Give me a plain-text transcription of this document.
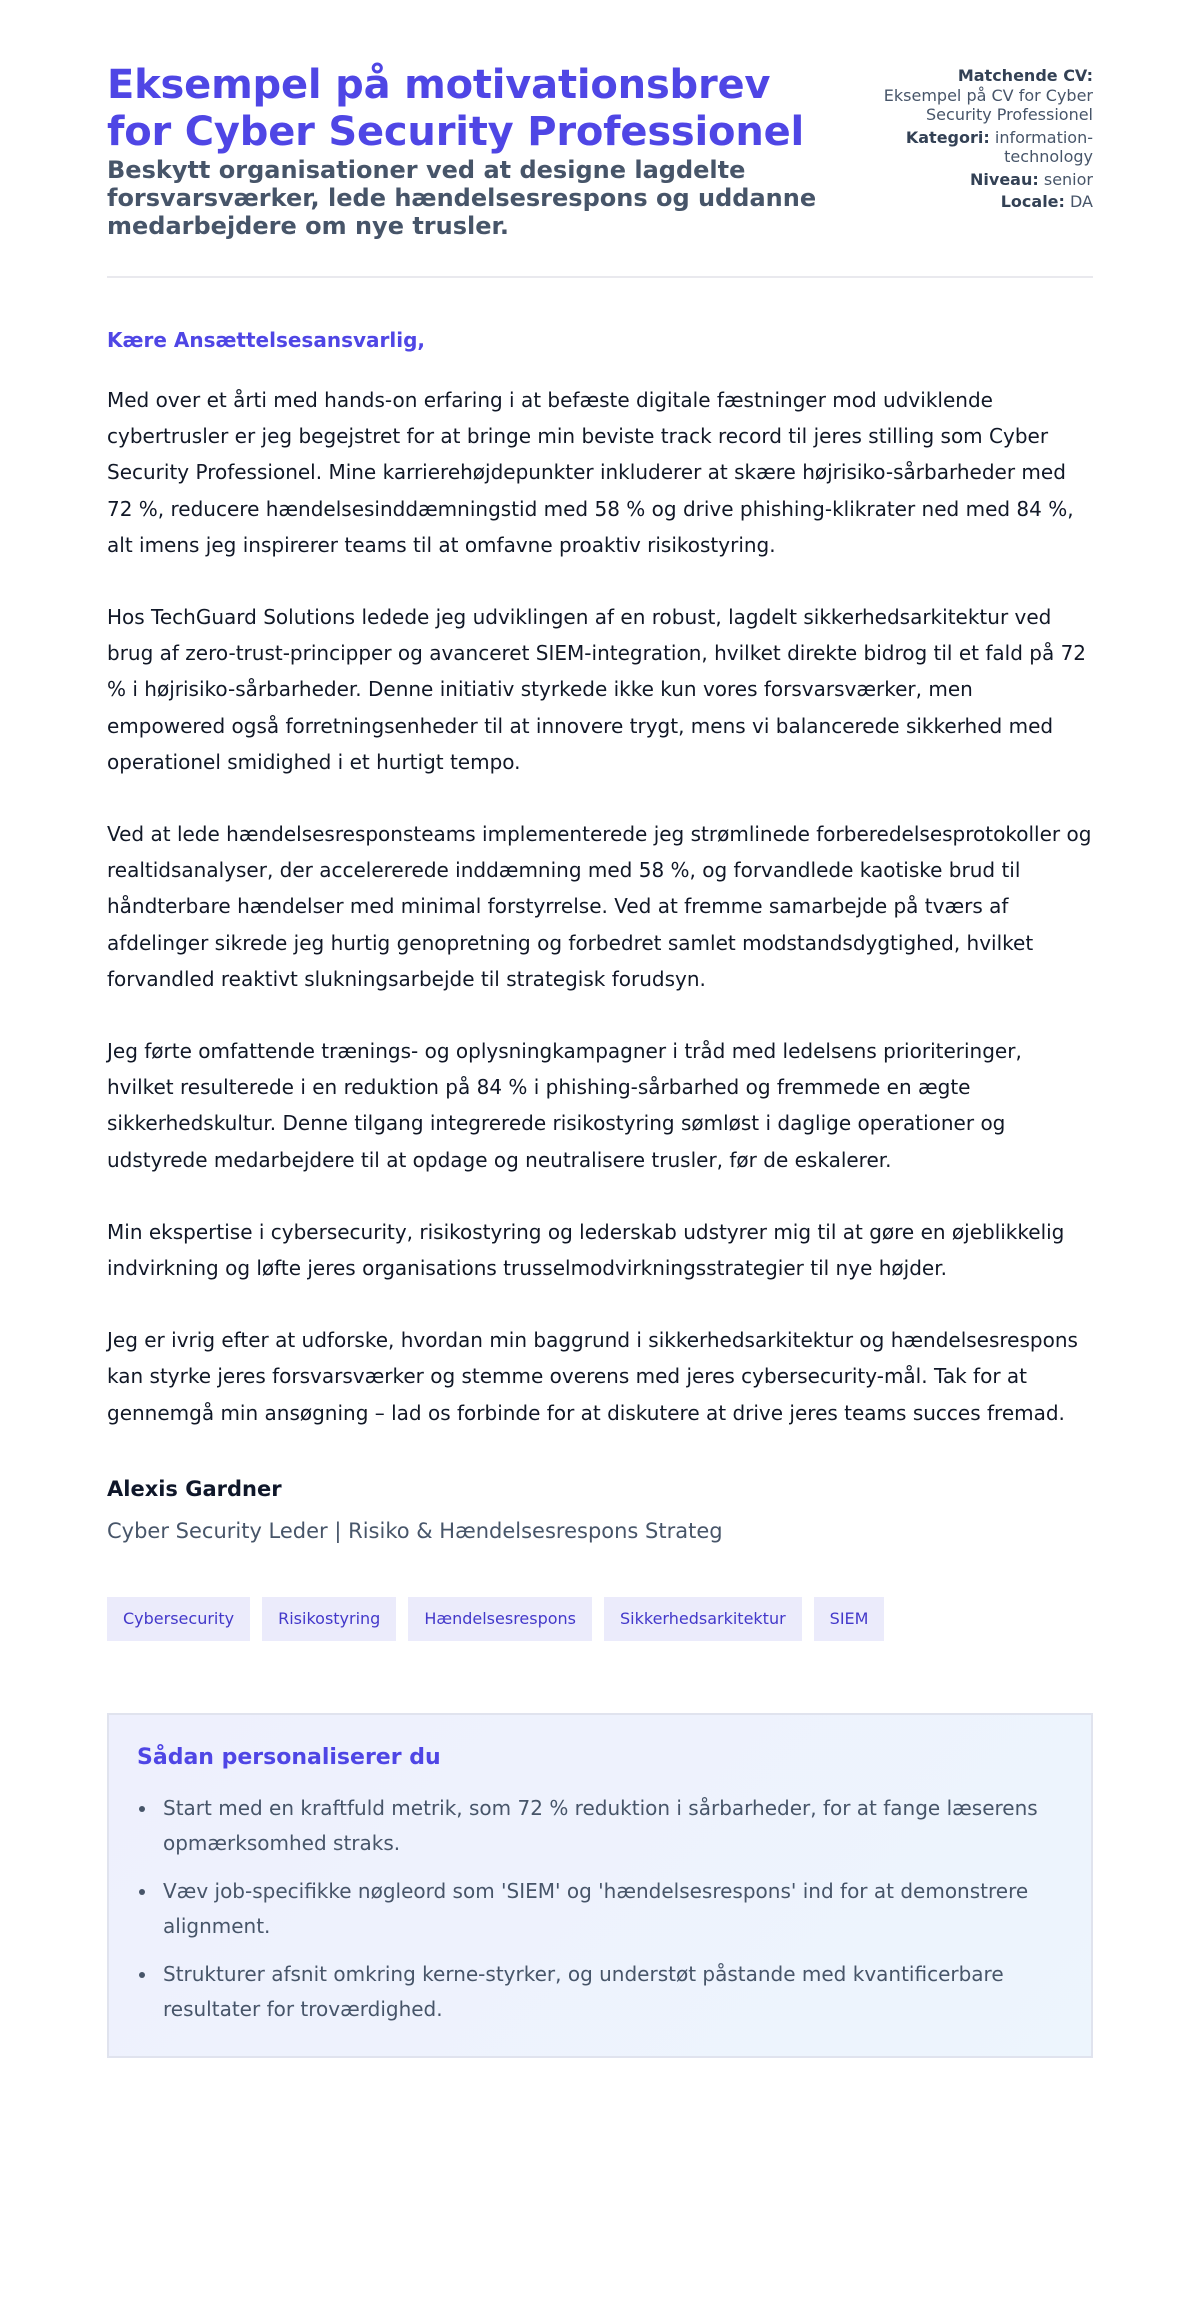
Eksempel på motivationsbrev for Cyber Security Professionel
Beskytt organisationer ved at designe lagdelte forsvarsværker, lede hændelsesrespons og uddanne medarbejdere om nye trusler.
Matchende CV:
Eksempel på CV for Cyber Security Professionel
Kategori: information-technology
Niveau: senior
Locale: DA
Kære Ansættelsesansvarlig,

Med over et årti med hands-on erfaring i at befæste digitale fæstninger mod udviklende cybertrusler er jeg begejstret for at bringe min beviste track record til jeres stilling som Cyber Security Professionel. Mine karrierehøjdepunkter inkluderer at skære højrisiko-sårbarheder med 72 %, reducere hændelsesinddæmningstid med 58 % og drive phishing-klikrater ned med 84 %, alt imens jeg inspirerer teams til at omfavne proaktiv risikostyring.

Hos TechGuard Solutions ledede jeg udviklingen af en robust, lagdelt sikkerhedsarkitektur ved brug af zero-trust-principper og avanceret SIEM-integration, hvilket direkte bidrog til et fald på 72 % i højrisiko-sårbarheder. Denne initiativ styrkede ikke kun vores forsvarsværker, men empowered også forretningsenheder til at innovere trygt, mens vi balancerede sikkerhed med operationel smidighed i et hurtigt tempo.

Ved at lede hændelsesresponsteams implementerede jeg strømlinede forberedelsesprotokoller og realtidsanalyser, der accelererede inddæmning med 58 %, og forvandlede kaotiske brud til håndterbare hændelser med minimal forstyrrelse. Ved at fremme samarbejde på tværs af afdelinger sikrede jeg hurtig genopretning og forbedret samlet modstandsdygtighed, hvilket forvandled reaktivt slukningsarbejde til strategisk forudsyn.

Jeg førte omfattende trænings- og oplysningkampagner i tråd med ledelsens prioriteringer, hvilket resulterede i en reduktion på 84 % i phishing-sårbarhed og fremmede en ægte sikkerhedskultur. Denne tilgang integrerede risikostyring sømløst i daglige operationer og udstyrede medarbejdere til at opdage og neutralisere trusler, før de eskalerer.

Min ekspertise i cybersecurity, risikostyring og lederskab udstyrer mig til at gøre en øjeblikkelig indvirkning og løfte jeres organisations trusselmodvirkningsstrategier til nye højder.

Jeg er ivrig efter at udforske, hvordan min baggrund i sikkerhedsarkitektur og hændelsesrespons kan styrke jeres forsvarsværker og stemme overens med jeres cybersecurity-mål. Tak for at gennemgå min ansøgning – lad os forbinde for at diskutere at drive jeres teams succes fremad.

Alexis Gardner
Cyber Security Leder | Risiko & Hændelsesrespons Strateg
Cybersecurity	Risikostyring	Hændelsesrespons	Sikkerhedsarkitektur	SIEM
Sådan personaliserer du
Start med en kraftfuld metrik, som 72 % reduktion i sårbarheder, for at fange læserens opmærksomhed straks.
Væv job-specifikke nøgleord som 'SIEM' og 'hændelsesrespons' ind for at demonstrere alignment.
Strukturer afsnit omkring kerne-styrker, og understøt påstande med kvantificerbare resultater for troværdighed.
